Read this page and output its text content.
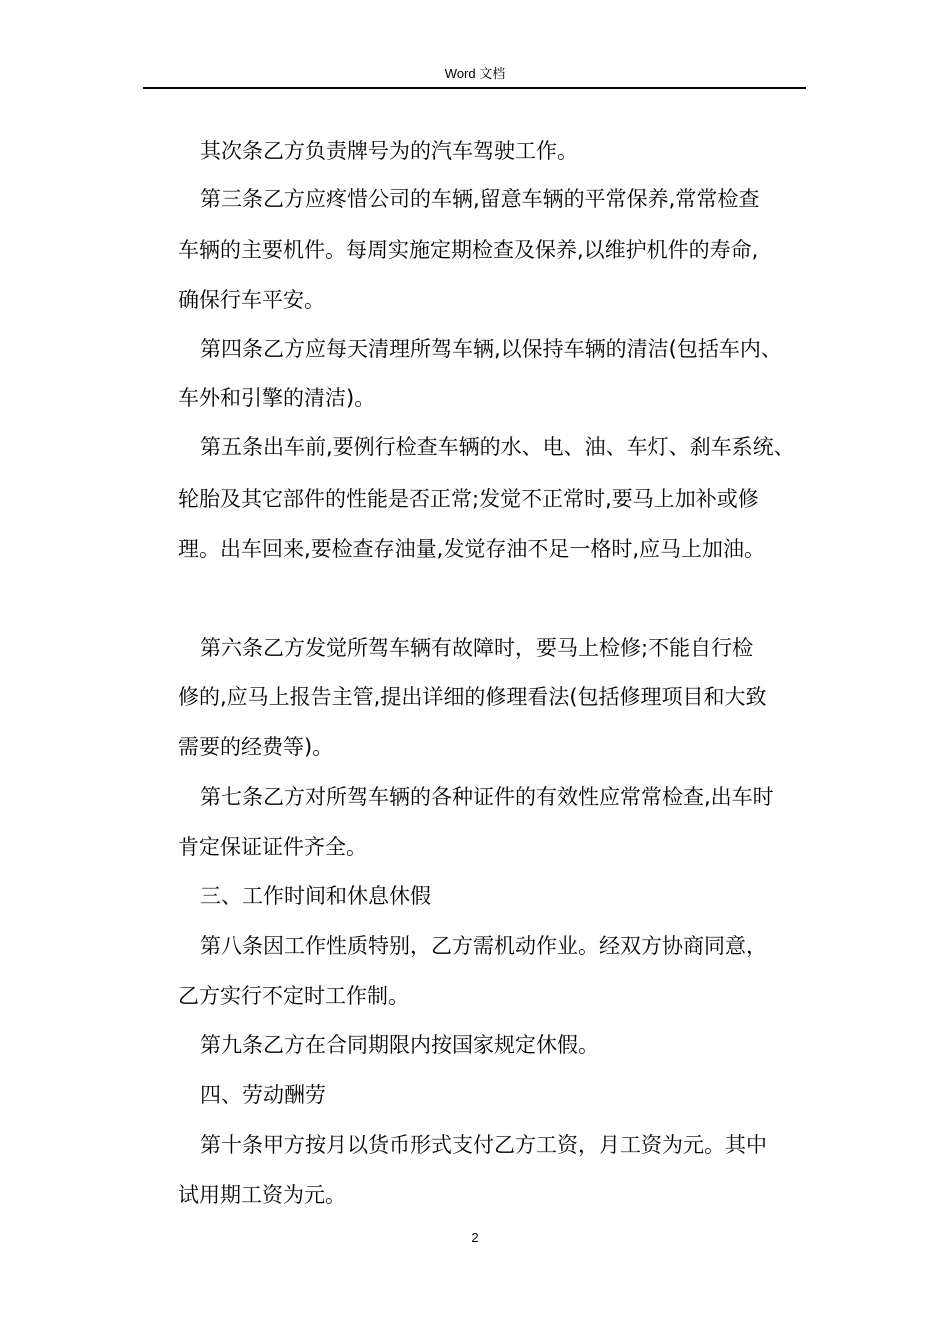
Word 文档
其次条乙方负责牌号为的汽车驾驶工作。
第三条乙方应疼惜公司的车辆,留意车辆的平常保养,常常检查
车辆的主要机件。每周实施定期检查及保养,以维护机件的寿命,
确保行车平安。
第四条乙方应每天清理所驾车辆,以保持车辆的清洁(包括车内、
车外和引擎的清洁)。
第五条出车前,要例行检查车辆的水、电、油、车灯、刹车系统、
轮胎及其它部件的性能是否正常;发觉不正常时,要马上加补或修
理。出车回来,要检查存油量,发觉存油不足一格时,应马上加油。
第六条乙方发觉所驾车辆有故障时，要马上检修;不能自行检
修的,应马上报告主管,提出详细的修理看法(包括修理项目和大致
需要的经费等)。
第七条乙方对所驾车辆的各种证件的有效性应常常检查,出车时
肯定保证证件齐全。
三、工作时间和休息休假
第八条因工作性质特别，乙方需机动作业。经双方协商同意，
乙方实行不定时工作制。
第九条乙方在合同期限内按国家规定休假。
四、劳动酬劳
第十条甲方按月以货币形式支付乙方工资，月工资为元。其中
试用期工资为元。
2
